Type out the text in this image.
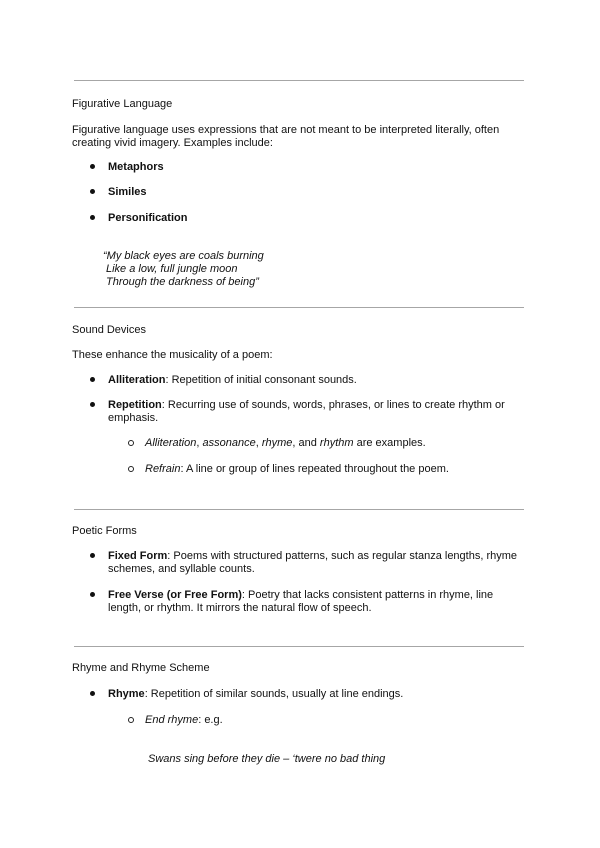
Figurative Language
Figurative language uses expressions that are not meant to be interpreted literally, often
creating vivid imagery. Examples include:
Metaphors
Similes
Personification
“My black eyes are coals burning
Like a low, full jungle moon
Through the darkness of being”
Sound Devices
These enhance the musicality of a poem:
Alliteration: Repetition of initial consonant sounds.
Repetition: Recurring use of sounds, words, phrases, or lines to create rhythm or
emphasis.
Alliteration, assonance, rhyme, and rhythm are examples.
Refrain: A line or group of lines repeated throughout the poem.
Poetic Forms
Fixed Form: Poems with structured patterns, such as regular stanza lengths, rhyme
schemes, and syllable counts.
Free Verse (or Free Form): Poetry that lacks consistent patterns in rhyme, line
length, or rhythm. It mirrors the natural flow of speech.
Rhyme and Rhyme Scheme
Rhyme: Repetition of similar sounds, usually at line endings.
End rhyme: e.g.
Swans sing before they die – ‘twere no bad thing
